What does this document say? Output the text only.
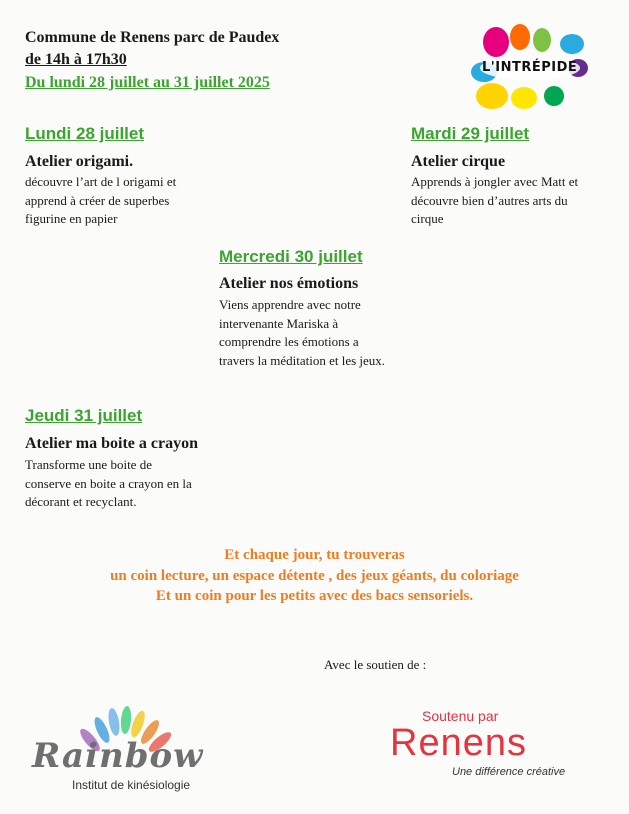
Commune de Renens parc de Paudex
de 14h à 17h30
Du lundi 28 juillet au 31 juillet 2025
L'INTRÉPIDE
Lundi 28 juillet
Atelier origami.
découvre l’art de l origami et
apprend à créer de superbes
figurine en papier
Mardi 29 juillet
Atelier cirque
Apprends à jongler avec Matt et
découvre bien d’autres arts du
cirque
Mercredi 30 juillet
Atelier nos émotions
Viens apprendre avec notre
intervenante Mariska à
comprendre les émotions a
travers la méditation et les jeux.
Jeudi 31 juillet
Atelier ma boite a crayon
Transforme une boite de
conserve en boite a crayon en la
décorant et recyclant.
Et chaque jour, tu trouveras
un coin lecture, un espace détente , des jeux géants, du coloriage
Et un coin pour les petits avec des bacs sensoriels.
Avec le soutien de :
Rainbow
Institut de kinésiologie
Soutenu par
Renens
Une différence créative
